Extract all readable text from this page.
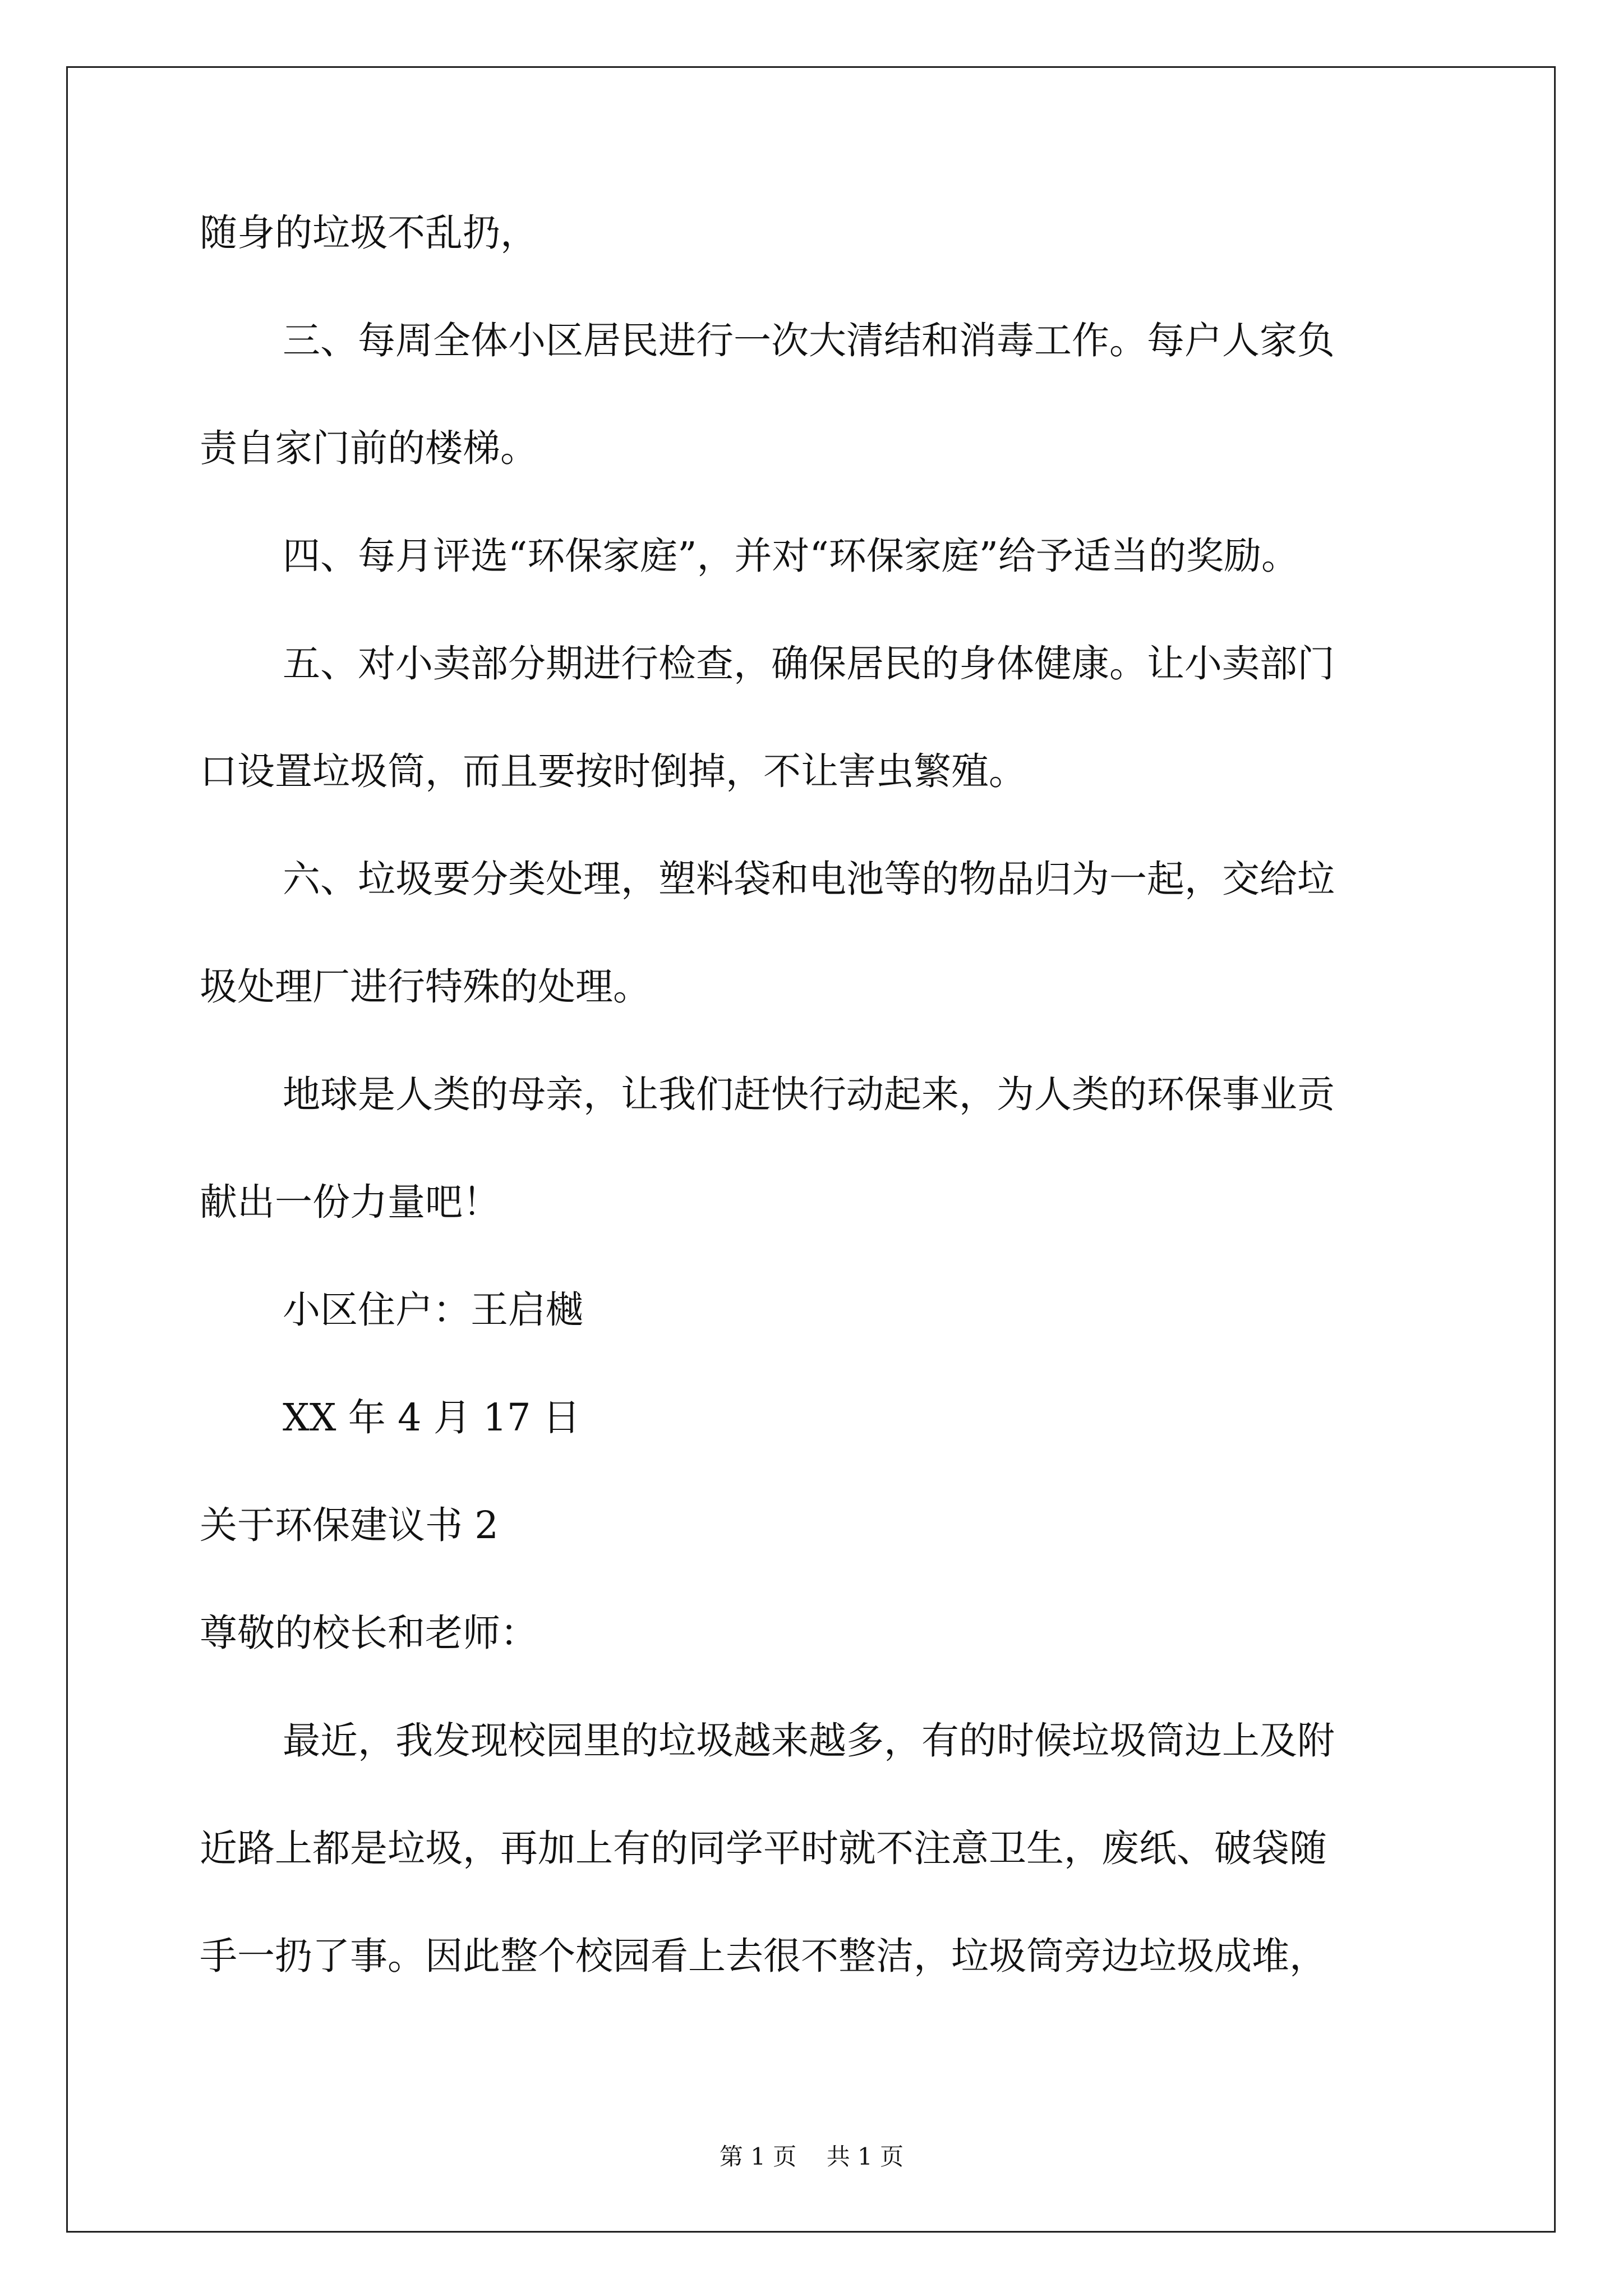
随身的垃圾不乱扔，

三、每周全体小区居民进行一次大清结和消毒工作。每户人家负

责自家门前的楼梯。

四、每月评选“环保家庭”，并对“环保家庭”给予适当的奖励。

五、对小卖部分期进行检查，确保居民的身体健康。让小卖部门

口设置垃圾筒，而且要按时倒掉，不让害虫繁殖。

六、垃圾要分类处理，塑料袋和电池等的物品归为一起，交给垃

圾处理厂进行特殊的处理。

地球是人类的母亲，让我们赶快行动起来，为人类的环保事业贡

献出一份力量吧！

小区住户：王启樾

XX 年 4 月 17 日

关于环保建议书 2

尊敬的校长和老师：

最近，我发现校园里的垃圾越来越多，有的时候垃圾筒边上及附

近路上都是垃圾，再加上有的同学平时就不注意卫生，废纸、破袋随

手一扔了事。因此整个校园看上去很不整洁，垃圾筒旁边垃圾成堆，

第 1 页    共 1 页
